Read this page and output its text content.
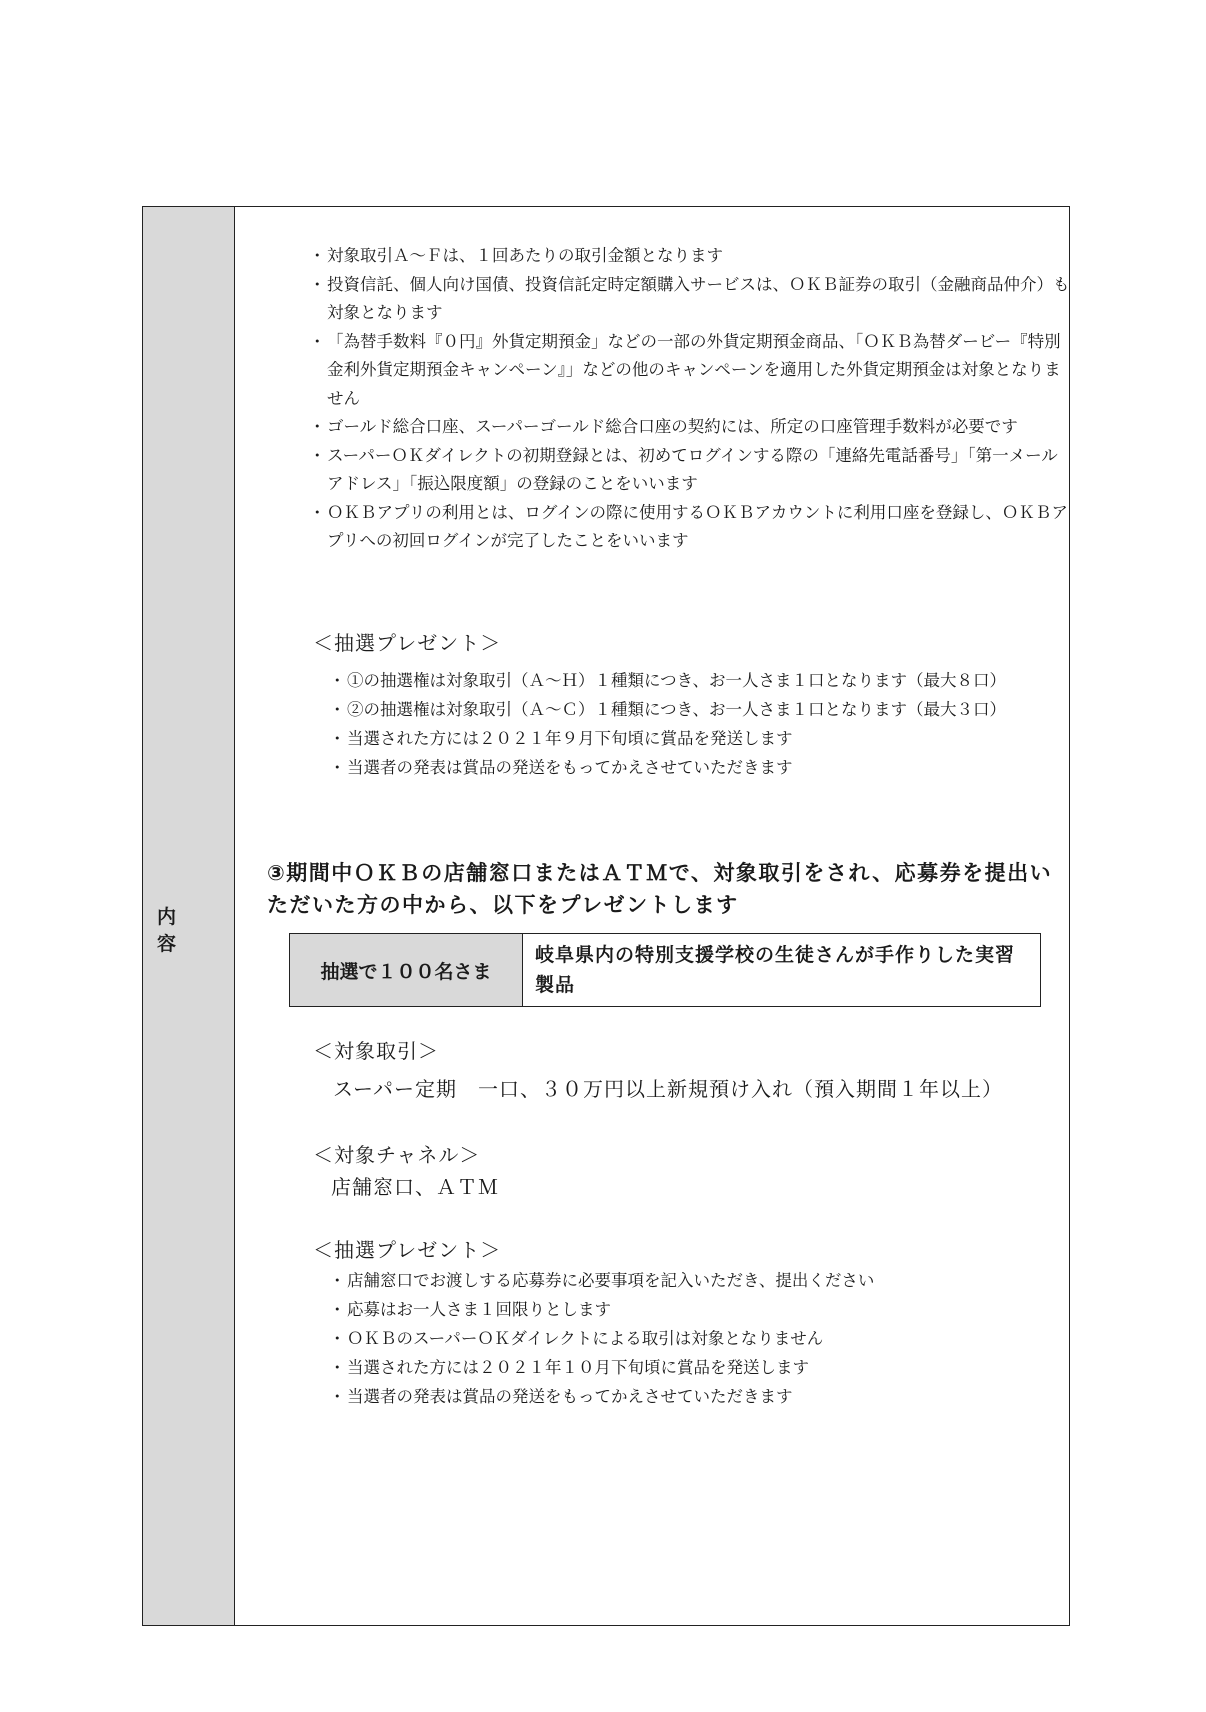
内 容
・ 対象取引Ａ～Ｆは、１回あたりの取引金額となります
・ 投資信託、個人向け国債、投資信託定時定額購入サービスは、ＯＫＢ証券の取引（金融商品仲介）も対象となります
・ 「為替手数料『０円』外貨定期預金」などの一部の外貨定期預金商品、「ＯＫＢ為替ダービー『特別金利外貨定期預金キャンペーン』」などの他のキャンペーンを適用した外貨定期預金は対象となりません
・ ゴールド総合口座、スーパーゴールド総合口座の契約には、所定の口座管理手数料が必要です
・ スーパーＯＫダイレクトの初期登録とは、初めてログインする際の「連絡先電話番号」「第一メールアドレス」「振込限度額」の登録のことをいいます
・ ＯＫＢアプリの利用とは、ログインの際に使用するＯＫＢアカウントに利用口座を登録し、ＯＫＢアプリへの初回ログインが完了したことをいいます
＜抽選プレゼント＞
・ ①の抽選権は対象取引（Ａ～Ｈ）１種類につき、お一人さま１口となります（最大８口）
・ ②の抽選権は対象取引（Ａ～Ｃ）１種類につき、お一人さま１口となります（最大３口）
・ 当選された方には２０２１年９月下旬頃に賞品を発送します
・ 当選者の発表は賞品の発送をもってかえさせていただきます
③期間中ＯＫＢの店舗窓口またはＡＴＭで、対象取引をされ、応募券を提出いただいた方の中から、以下をプレゼントします
抽選で１００名さま
岐阜県内の特別支援学校の生徒さんが手作りした実習製品
＜対象取引＞
スーパー定期　一口、３０万円以上新規預け入れ（預入期間１年以上）
＜対象チャネル＞
店舗窓口、ＡＴＭ
＜抽選プレゼント＞
・ 店舗窓口でお渡しする応募券に必要事項を記入いただき、提出ください
・ 応募はお一人さま１回限りとします
・ ＯＫＢのスーパーＯＫダイレクトによる取引は対象となりません
・ 当選された方には２０２１年１０月下旬頃に賞品を発送します
・ 当選者の発表は賞品の発送をもってかえさせていただきます
